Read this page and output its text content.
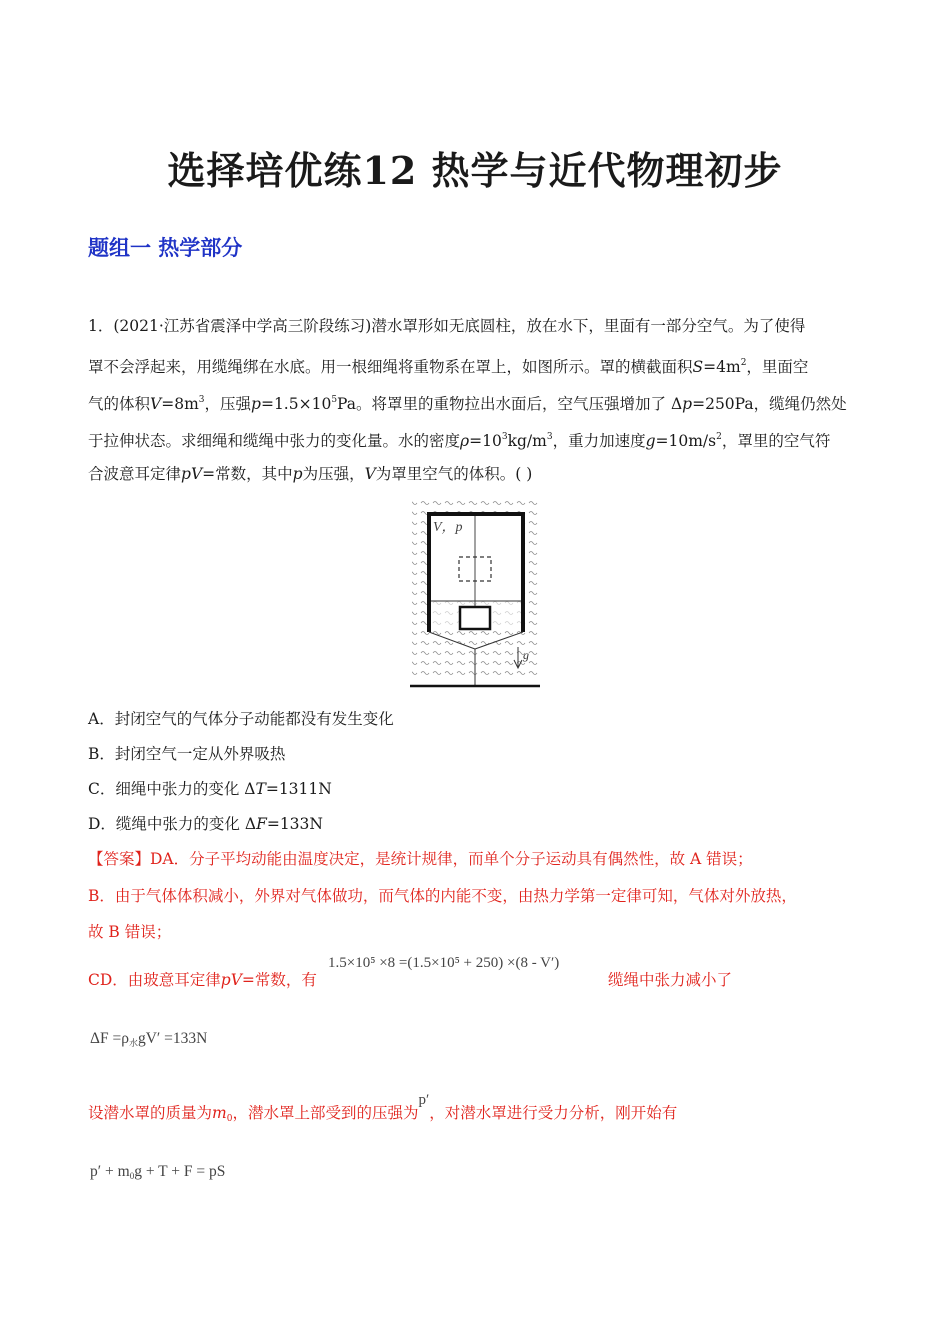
选择培优练12 热学与近代物理初步
题组一 热学部分
1．(2021·江苏省震泽中学高三阶段练习)潜水罩形如无底圆柱，放在水下，里面有一部分空气。为了使得
罩不会浮起来，用缆绳绑在水底。用一根细绳将重物系在罩上，如图所示。罩的横截面积$S=4m^2$，里面空
气的体积$V=8m^3$，压强$p=1.5\times 10^5Pa$。将罩里的重物拉出水面后，空气压强增加了 Δp=250Pa，缆绳仍然处
于拉伸状态。求细绳和缆绳中张力的变化量。水的密度$\rho=10^3kg/m^3$，重力加速度$g=10m/s^2$，罩里的空气符
合波意耳定律pV=常数，其中p为压强，V为罩里空气的体积。( )
g
V，p
A．封闭空气的气体分子动能都没有发生变化
B．封闭空气一定从外界吸热
C．细绳中张力的变化 ΔT=1311N
D．缆绳中张力的变化 ΔF=133N
【答案】DA．分子平均动能由温度决定，是统计规律，而单个分子运动具有偶然性，故 A 错误；
B．由于气体体积减小，外界对气体做功，而气体的内能不变，由热力学第一定律可知，气体对外放热，
故 B 错误；
CD．由玻意耳定律pV=常数，有
1.5×10⁵ ×8 =(1.5×10⁵ + 250) ×(8 - V′)
缆绳中张力减小了
$\Delta F =\rho_水gV' =133N$
设潜水罩的质量为$m_0$，潜水罩上部受到的压强为p′，对潜水罩进行受力分析，刚开始有
$p' + m_0g + T + F$ = pS
